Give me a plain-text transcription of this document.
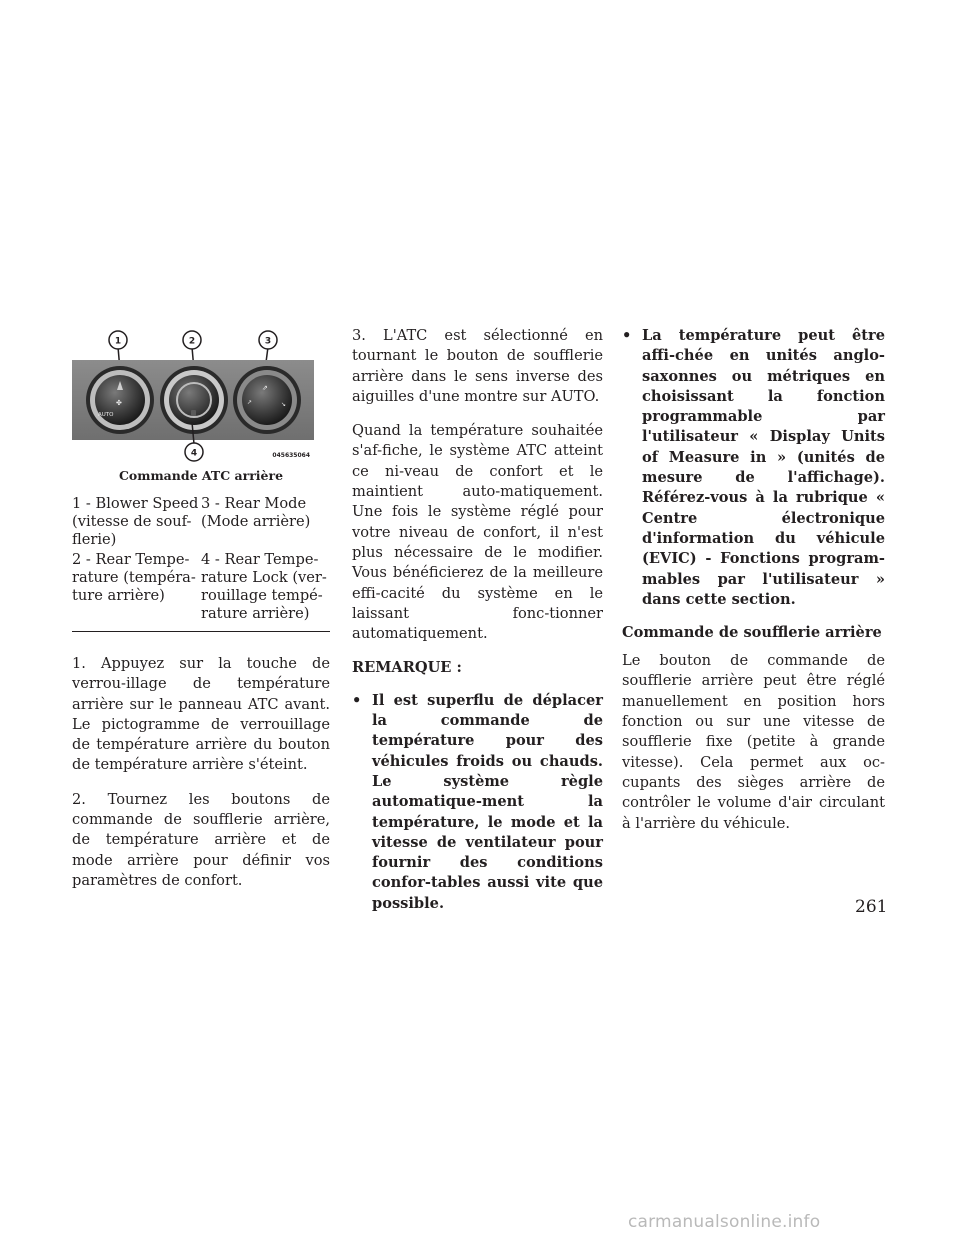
✤
AUTO
⇗
↗	↘
1	2	3
4	045635064
Commande ATC arrière
1 - Blower Speed (vitesse de souf-flerie)	3 - Rear Mode (Mode arrière)
2 - Rear Tempe-rature (tempéra-ture arrière)	4 - Rear Tempe-rature Lock (ver-rouillage tempé-rature arrière)

1. Appuyez sur la touche de verrou-illage de température arrière sur le panneau ATC avant. Le pictogramme de verrouillage de température arrière du bouton de température arrière s'éteint.

2. Tournez les boutons de commande de soufflerie arrière, de température arrière et de mode arrière pour définir vos paramètres de confort.

3. L'ATC est sélectionné en tournant le bouton de soufflerie arrière dans le sens inverse des aiguilles d'une montre sur AUTO.

Quand la température souhaitée s'af-fiche, le système ATC atteint ce ni-veau de confort et le maintient auto-matiquement. Une fois le système réglé pour votre niveau de confort, il n'est plus nécessaire de le modifier. Vous bénéficierez de la meilleure effi-cacité du système en le laissant fonc-tionner automatiquement.

REMARQUE :

• Il est superflu de déplacer la commande de température pour des véhicules froids ou chauds. Le système règle automatique-ment la température, le mode et la vitesse de ventilateur pour fournir des conditions confor-tables aussi vite que possible.
• La température peut être affi-chée en unités anglo-saxonnes ou métriques en choisissant la fonction programmable par l'utilisateur « Display Units of Measure in » (unités de mesure de l'affichage). Référez-vous à la rubrique « Centre électronique d'information du véhicule (EVIC) - Fonctions program-mables par l'utilisateur » dans cette section.
Commande de soufflerie arrière

Le bouton de commande de soufflerie arrière peut être réglé manuellement en position hors fonction ou sur une vitesse de soufflerie fixe (petite à grande vitesse). Cela permet aux oc-cupants des sièges arrière de contrôler le volume d'air circulant à l'arrière du véhicule.

261
carmanualsonline.info
